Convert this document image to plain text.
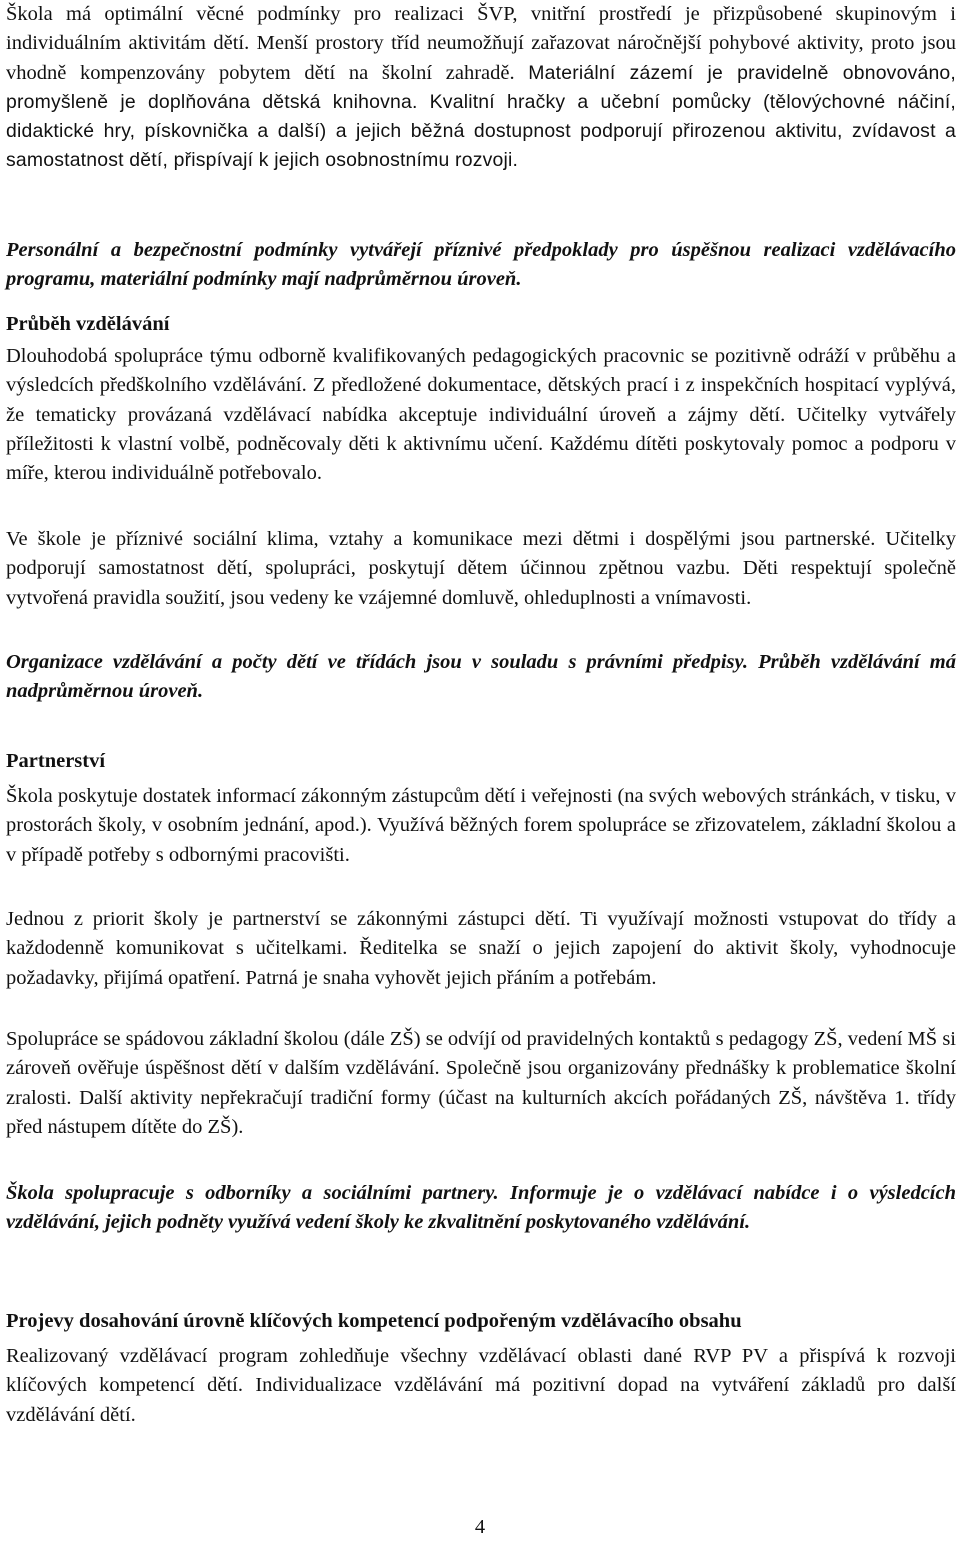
Škola má optimální věcné podmínky pro realizaci ŠVP, vnitřní prostředí je přizpůsobené skupinovým i individuálním aktivitám dětí. Menší prostory tříd neumožňují zařazovat náročnější pohybové aktivity, proto jsou vhodně kompenzovány pobytem dětí na školní zahradě. Materiální zázemí je pravidelně obnovováno, promyšleně je doplňována dětská knihovna. Kvalitní hračky a učební pomůcky (tělovýchovné náčiní, didaktické hry, pískovnička a další) a jejich běžná dostupnost podporují přirozenou aktivitu, zvídavost a samostatnost dětí, přispívají k jejich osobnostnímu rozvoji.

Personální a bezpečnostní podmínky vytvářejí příznivé předpoklady pro úspěšnou realizaci vzdělávacího programu, materiální podmínky mají nadprůměrnou úroveň.

Průběh vzdělávání

Dlouhodobá spolupráce týmu odborně kvalifikovaných pedagogických pracovnic se pozitivně odráží v průběhu a výsledcích předškolního vzdělávání. Z předložené dokumentace, dětských prací i z inspekčních hospitací vyplývá, že tematicky provázaná vzdělávací nabídka akceptuje individuální úroveň a zájmy dětí. Učitelky vytvářely příležitosti k vlastní volbě, podněcovaly děti k aktivnímu učení. Každému dítěti poskytovaly pomoc a podporu v míře, kterou individuálně potřebovalo.

Ve škole je příznivé sociální klima, vztahy a komunikace mezi dětmi i dospělými jsou partnerské. Učitelky podporují samostatnost dětí, spolupráci, poskytují dětem účinnou zpětnou vazbu. Děti respektují společně vytvořená pravidla soužití, jsou vedeny ke vzájemné domluvě, ohleduplnosti a vnímavosti.

Organizace vzdělávání a počty dětí ve třídách jsou v souladu s právními předpisy. Průběh vzdělávání má nadprůměrnou úroveň.

Partnerství

Škola poskytuje dostatek informací zákonným zástupcům dětí i veřejnosti (na svých webových stránkách, v tisku, v prostorách školy, v osobním jednání, apod.). Využívá běžných forem spolupráce se zřizovatelem, základní školou a v případě potřeby s odbornými pracovišti.

Jednou z priorit školy je partnerství se zákonnými zástupci dětí. Ti využívají možnosti vstupovat do třídy a každodenně komunikovat s učitelkami. Ředitelka se snaží o jejich zapojení do aktivit školy, vyhodnocuje požadavky, přijímá opatření. Patrná je snaha vyhovět jejich přáním a potřebám.

Spolupráce se spádovou základní školou (dále ZŠ) se odvíjí od pravidelných kontaktů s pedagogy ZŠ, vedení MŠ si zároveň ověřuje úspěšnost dětí v dalším vzdělávání. Společně jsou organizovány přednášky k problematice školní zralosti. Další aktivity nepřekračují tradiční formy (účast na kulturních akcích pořádaných ZŠ, návštěva 1. třídy před nástupem dítěte do ZŠ).

Škola spolupracuje s odborníky a sociálními partnery. Informuje je o vzdělávací nabídce i o výsledcích vzdělávání, jejich podněty využívá vedení školy ke zkvalitnění poskytovaného vzdělávání.

Projevy dosahování úrovně klíčových kompetencí podpořeným vzdělávacího obsahu

Realizovaný vzdělávací program zohledňuje všechny vzdělávací oblasti dané RVP PV a přispívá k rozvoji klíčových kompetencí dětí. Individualizace vzdělávání má pozitivní dopad na vytváření základů pro další vzdělávání dětí.

4
